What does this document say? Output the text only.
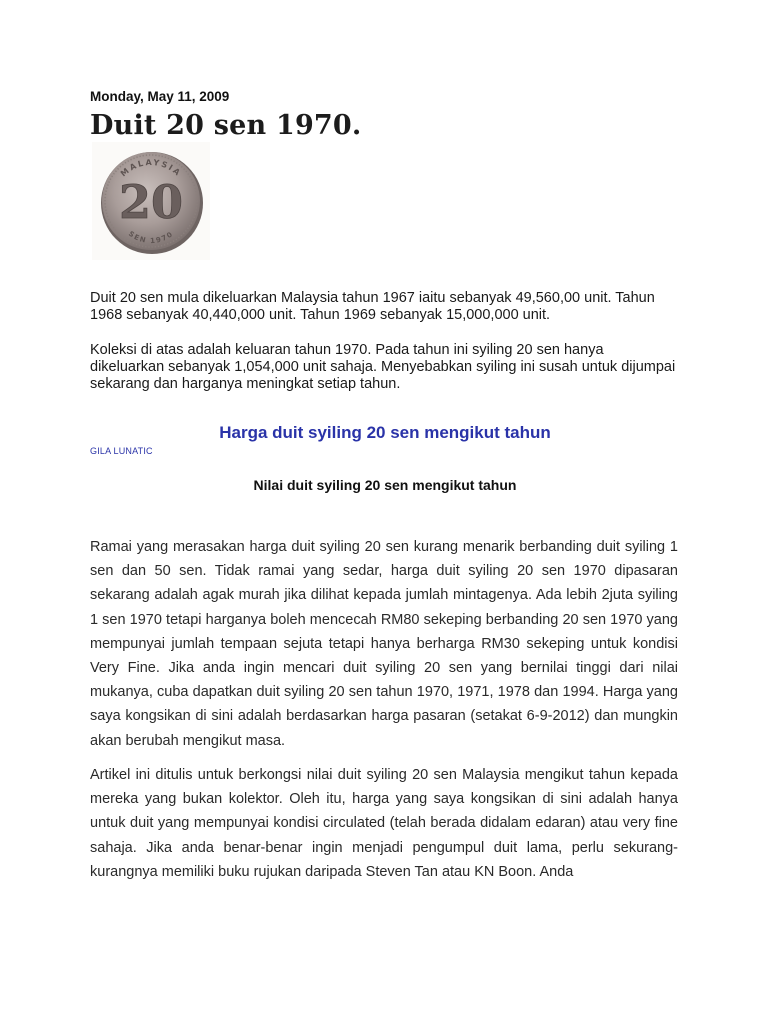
Monday, May 11, 2009
Duit 20 sen 1970.
MALAYSIA
20
SEN 1970
Duit 20 sen mula dikeluarkan Malaysia tahun 1967 iaitu sebanyak 49,560,00 unit. Tahun 1968 sebanyak 40,440,000 unit. Tahun 1969 sebanyak 15,000,000 unit.
Koleksi di atas adalah keluaran tahun 1970. Pada tahun ini syiling 20 sen hanya dikeluarkan sebanyak 1,054,000 unit sahaja. Menyebabkan syiling ini susah untuk dijumpai sekarang dan harganya meningkat setiap tahun.
Harga duit syiling 20 sen mengikut tahun
GILA LUNATIC
Nilai duit syiling 20 sen mengikut tahun
Ramai yang merasakan harga duit syiling 20 sen kurang menarik berbanding duit syiling 1 sen dan 50 sen. Tidak ramai yang sedar, harga duit syiling 20 sen 1970 dipasaran sekarang adalah agak murah jika dilihat kepada jumlah mintagenya. Ada lebih 2juta syiling 1 sen 1970 tetapi harganya boleh mencecah RM80 sekeping berbanding 20 sen 1970 yang mempunyai jumlah tempaan sejuta tetapi hanya berharga RM30 sekeping untuk kondisi Very Fine. Jika anda ingin mencari duit syiling 20 sen yang bernilai tinggi dari nilai mukanya, cuba dapatkan duit syiling 20 sen tahun 1970, 1971, 1978 dan 1994. Harga yang saya kongsikan di sini adalah berdasarkan harga pasaran (setakat 6-9-2012) dan mungkin akan berubah mengikut masa.
Artikel ini ditulis untuk berkongsi nilai duit syiling 20 sen Malaysia mengikut tahun kepada mereka yang bukan kolektor. Oleh itu, harga yang saya kongsikan di sini adalah hanya untuk duit yang mempunyai kondisi circulated (telah berada didalam edaran) atau very fine sahaja. Jika anda benar-benar ingin menjadi pengumpul duit lama, perlu sekurang-kurangnya memiliki buku rujukan daripada Steven Tan atau KN Boon. Anda
